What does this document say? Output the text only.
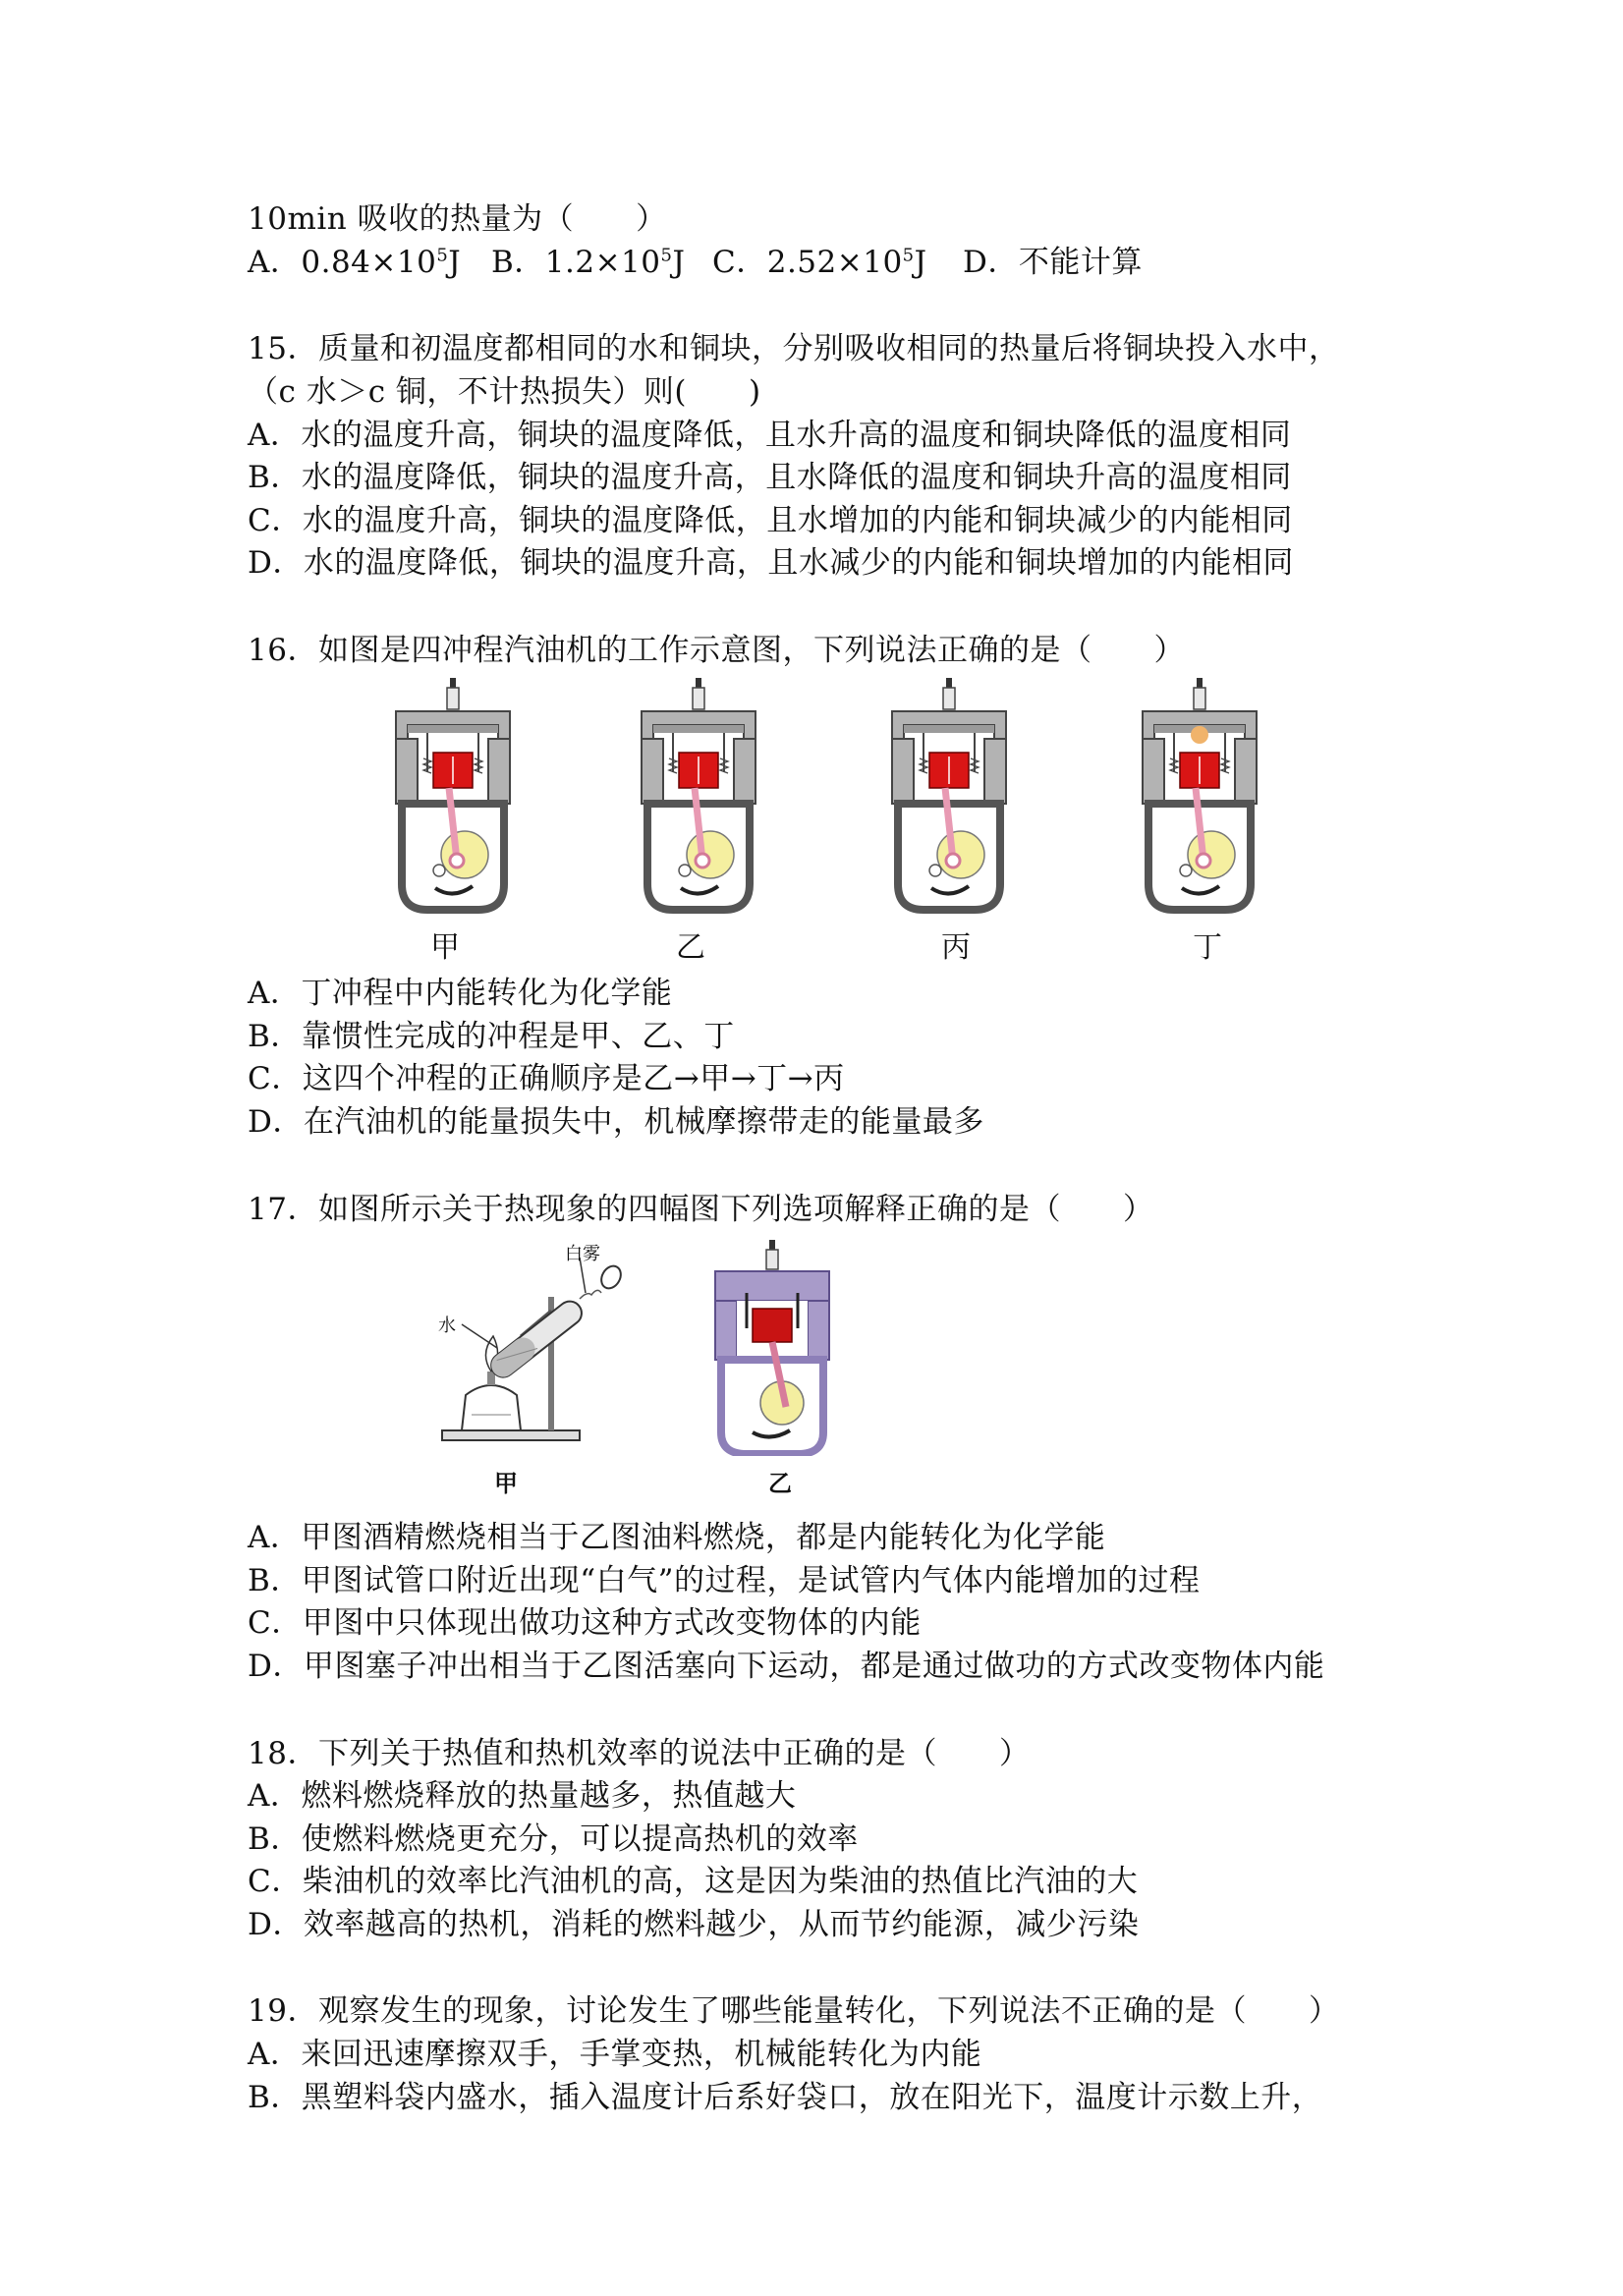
10min 吸收的热量为（　　）
A．$0.84\times 10^5J$ B．$1.2\times 10^5J$ C．$2.52\times 10^5J$ D．不能计算
15．质量和初温度都相同的水和铜块，分别吸收相同的热量后将铜块投入水中，
（c 水＞c 铜，不计热损失）则(　　)
A．水的温度升高，铜块的温度降低，且水升高的温度和铜块降低的温度相同
B．水的温度降低，铜块的温度升高，且水降低的温度和铜块升高的温度相同
C．水的温度升高，铜块的温度降低，且水增加的内能和铜块减少的内能相同
D．水的温度降低，铜块的温度升高，且水减少的内能和铜块增加的内能相同
16．如图是四冲程汽油机的工作示意图，下列说法正确的是（　　）
甲	乙	丙	丁
A．丁冲程中内能转化为化学能
B．靠惯性完成的冲程是甲、乙、丁
C．这四个冲程的正确顺序是乙→甲→丁→丙
D．在汽油机的能量损失中，机械摩擦带走的能量最多
17．如图所示关于热现象的四幅图下列选项解释正确的是（　　）
白雾
水
甲	乙
A．甲图酒精燃烧相当于乙图油料燃烧，都是内能转化为化学能
B．甲图试管口附近出现“白气”的过程，是试管内气体内能增加的过程
C．甲图中只体现出做功这种方式改变物体的内能
D．甲图塞子冲出相当于乙图活塞向下运动，都是通过做功的方式改变物体内能
18．下列关于热值和热机效率的说法中正确的是（　　）
A．燃料燃烧释放的热量越多，热值越大
B．使燃料燃烧更充分，可以提高热机的效率
C．柴油机的效率比汽油机的高，这是因为柴油的热值比汽油的大
D．效率越高的热机，消耗的燃料越少，从而节约能源，减少污染
19．观察发生的现象，讨论发生了哪些能量转化，下列说法不正确的是（　　）
A．来回迅速摩擦双手，手掌变热，机械能转化为内能
B．黑塑料袋内盛水，插入温度计后系好袋口，放在阳光下，温度计示数上升，
